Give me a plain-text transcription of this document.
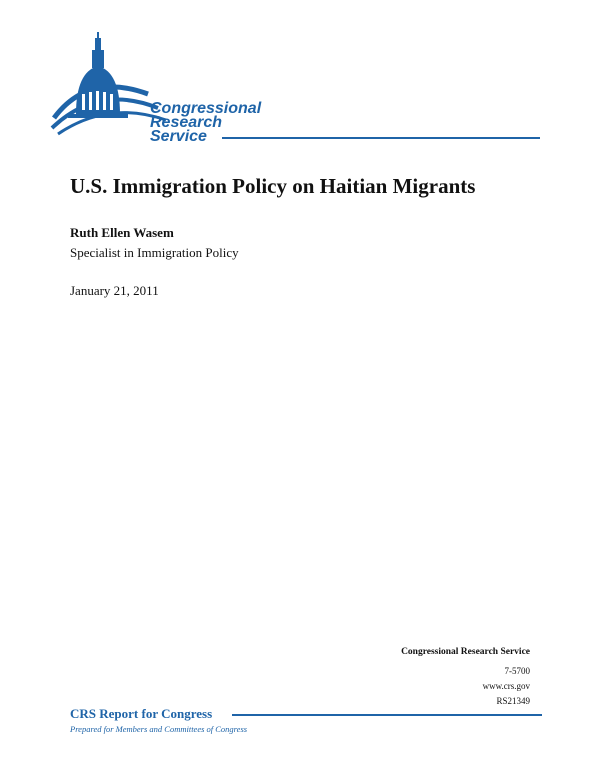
Congressional
Research
Service
U.S. Immigration Policy on Haitian Migrants
Ruth Ellen Wasem
Specialist in Immigration Policy
January 21, 2011
Congressional Research Service
7-5700
www.crs.gov
RS21349
CRS Report for Congress
Prepared for Members and Committees of Congress
